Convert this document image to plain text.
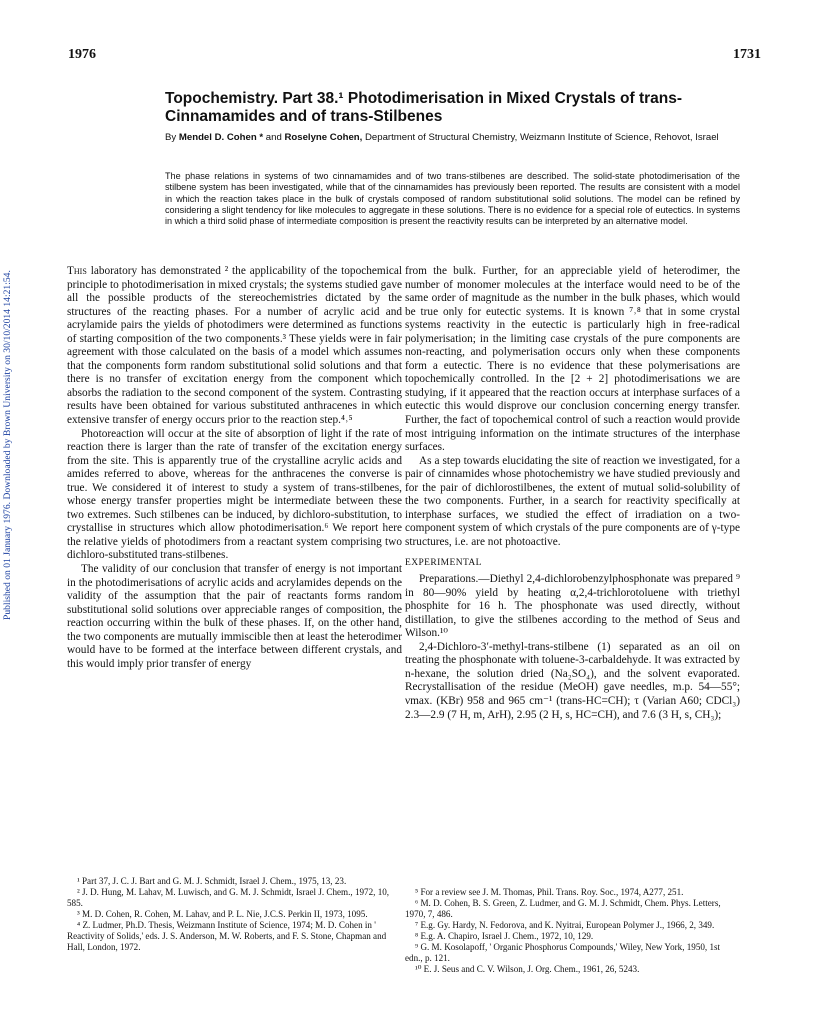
1976	1731
Published on 01 January 1976. Downloaded by Brown University on 30/10/2014 14:21:54.
Topochemistry. Part 38.¹ Photodimerisation in Mixed Crystals of trans-Cinnamamides and of trans-Stilbenes
By Mendel D. Cohen * and Roselyne Cohen, Department of Structural Chemistry, Weizmann Institute of Science, Rehovot, Israel
The phase relations in systems of two cinnamamides and of two trans-stilbenes are described. The solid-state photodimerisation of the stilbene system has been investigated, while that of the cinnamamides has previously been reported. The results are consistent with a model in which the reaction takes place in the bulk of crystals composed of random substitutional solid solutions. The model can be refined by considering a slight tendency for like molecules to aggregate in these solutions. There is no evidence for a special role of eutectics. In systems in which a third solid phase of intermediate composition is present the reactivity results can be interpreted by an alternative model.

This laboratory has demonstrated ² the applicability of the topochemical principle to photodimerisation in mixed crystals; the systems studied gave all the possible products of the stereochemistries dictated by the structures of the reacting phases. For a number of acrylic acid and acrylamide pairs the yields of photodimers were determined as functions of starting composition of the two components.³ These yields were in fair agreement with those calculated on the basis of a model which assumes that the components form random substitutional solid solutions and that there is no transfer of excitation energy from the component which absorbs the radiation to the second component of the system. Contrasting results have been obtained for various substituted anthracenes in which extensive transfer of energy occurs prior to the reaction step.⁴˒⁵

Photoreaction will occur at the site of absorption of light if the rate of reaction there is larger than the rate of transfer of the excitation energy from the site. This is apparently true of the crystalline acrylic acids and amides referred to above, whereas for the anthracenes the converse is true. We considered it of interest to study a system of trans-stilbenes, whose energy transfer properties might be intermediate between these two extremes. Such stilbenes can be induced, by dichloro-substitution, to crystallise in structures which allow photodimerisation.⁶ We report here the relative yields of photodimers from a reactant system comprising two dichloro-substituted trans-stilbenes.

The validity of our conclusion that transfer of energy is not important in the photodimerisations of acrylic acids and acrylamides depends on the validity of the assumption that the pair of reactants forms random substitutional solid solutions over appreciable ranges of composition, the reaction occurring within the bulk of these phases. If, on the other hand, the two components are mutually immiscible then at least the heterodimer would have to be formed at the interface between different crystals, and this would imply prior transfer of energy

¹ Part 37, J. C. J. Bart and G. M. J. Schmidt, Israel J. Chem., 1975, 13, 23.

² J. D. Hung, M. Lahav, M. Luwisch, and G. M. J. Schmidt, Israel J. Chem., 1972, 10, 585.

³ M. D. Cohen, R. Cohen, M. Lahav, and P. L. Nie, J.C.S. Perkin II, 1973, 1095.

⁴ Z. Ludmer, Ph.D. Thesis, Weizmann Institute of Science, 1974; M. D. Cohen in ' Reactivity of Solids,' eds. J. S. Anderson, M. W. Roberts, and F. S. Stone, Chapman and Hall, London, 1972.

from the bulk. Further, for an appreciable yield of heterodimer, the number of monomer molecules at the interface would need to be of the same order of magnitude as the number in the bulk phases, which would be true only for eutectic systems. It is known ⁷˒⁸ that in some crystal systems reactivity in the eutectic is particularly high in free-radical polymerisation; in the limiting case crystals of the pure components are non-reacting, and polymerisation occurs only when these components form a eutectic. There is no evidence that these polymerisations are topochemically controlled. In the [2 + 2] photodimerisations we are studying, if it appeared that the reaction occurs at interphase surfaces of a eutectic this would disprove our conclusion concerning energy transfer. Further, the fact of topochemical control of such a reaction would provide most intriguing information on the intimate structures of the interphase surfaces.

As a step towards elucidating the site of reaction we investigated, for a pair of cinnamides whose photochemistry we have studied previously and for the pair of dichlorostilbenes, the extent of mutual solid-solubility of the two components. Further, in a search for reactivity specifically at interphase surfaces, we studied the effect of irradiation on a two-component system of which crystals of the pure components are of γ-type structures, i.e. are not photoactive.

EXPERIMENTAL

Preparations.—Diethyl 2,4-dichlorobenzylphosphonate was prepared ⁹ in 80—90% yield by heating α,2,4-trichlorotoluene with triethyl phosphite for 16 h. The phosphonate was used directly, without distillation, to give the stilbenes according to the method of Seus and Wilson.¹⁰

2,4-Dichloro-3′-methyl-trans-stilbene (1) separated as an oil on treating the phosphonate with toluene-3-carbaldehyde. It was extracted by n-hexane, the solution dried (Na₂SO₄), and the solvent evaporated. Recrystallisation of the residue (MeOH) gave needles, m.p. 54—55°; νmax. (KBr) 958 and 965 cm⁻¹ (trans-HC=CH); τ (Varian A60; CDCl₃) 2.3—2.9 (7 H, m, ArH), 2.95 (2 H, s, HC=CH), and 7.6 (3 H, s, CH₃);

⁵ For a review see J. M. Thomas, Phil. Trans. Roy. Soc., 1974, A277, 251.

⁶ M. D. Cohen, B. S. Green, Z. Ludmer, and G. M. J. Schmidt, Chem. Phys. Letters, 1970, 7, 486.

⁷ E.g. Gy. Hardy, N. Fedorova, and K. Nyitrai, European Polymer J., 1966, 2, 349.

⁸ E.g. A. Chapiro, Israel J. Chem., 1972, 10, 129.

⁹ G. M. Kosolapoff, ' Organic Phosphorus Compounds,' Wiley, New York, 1950, 1st edn., p. 121.

¹⁰ E. J. Seus and C. V. Wilson, J. Org. Chem., 1961, 26, 5243.
